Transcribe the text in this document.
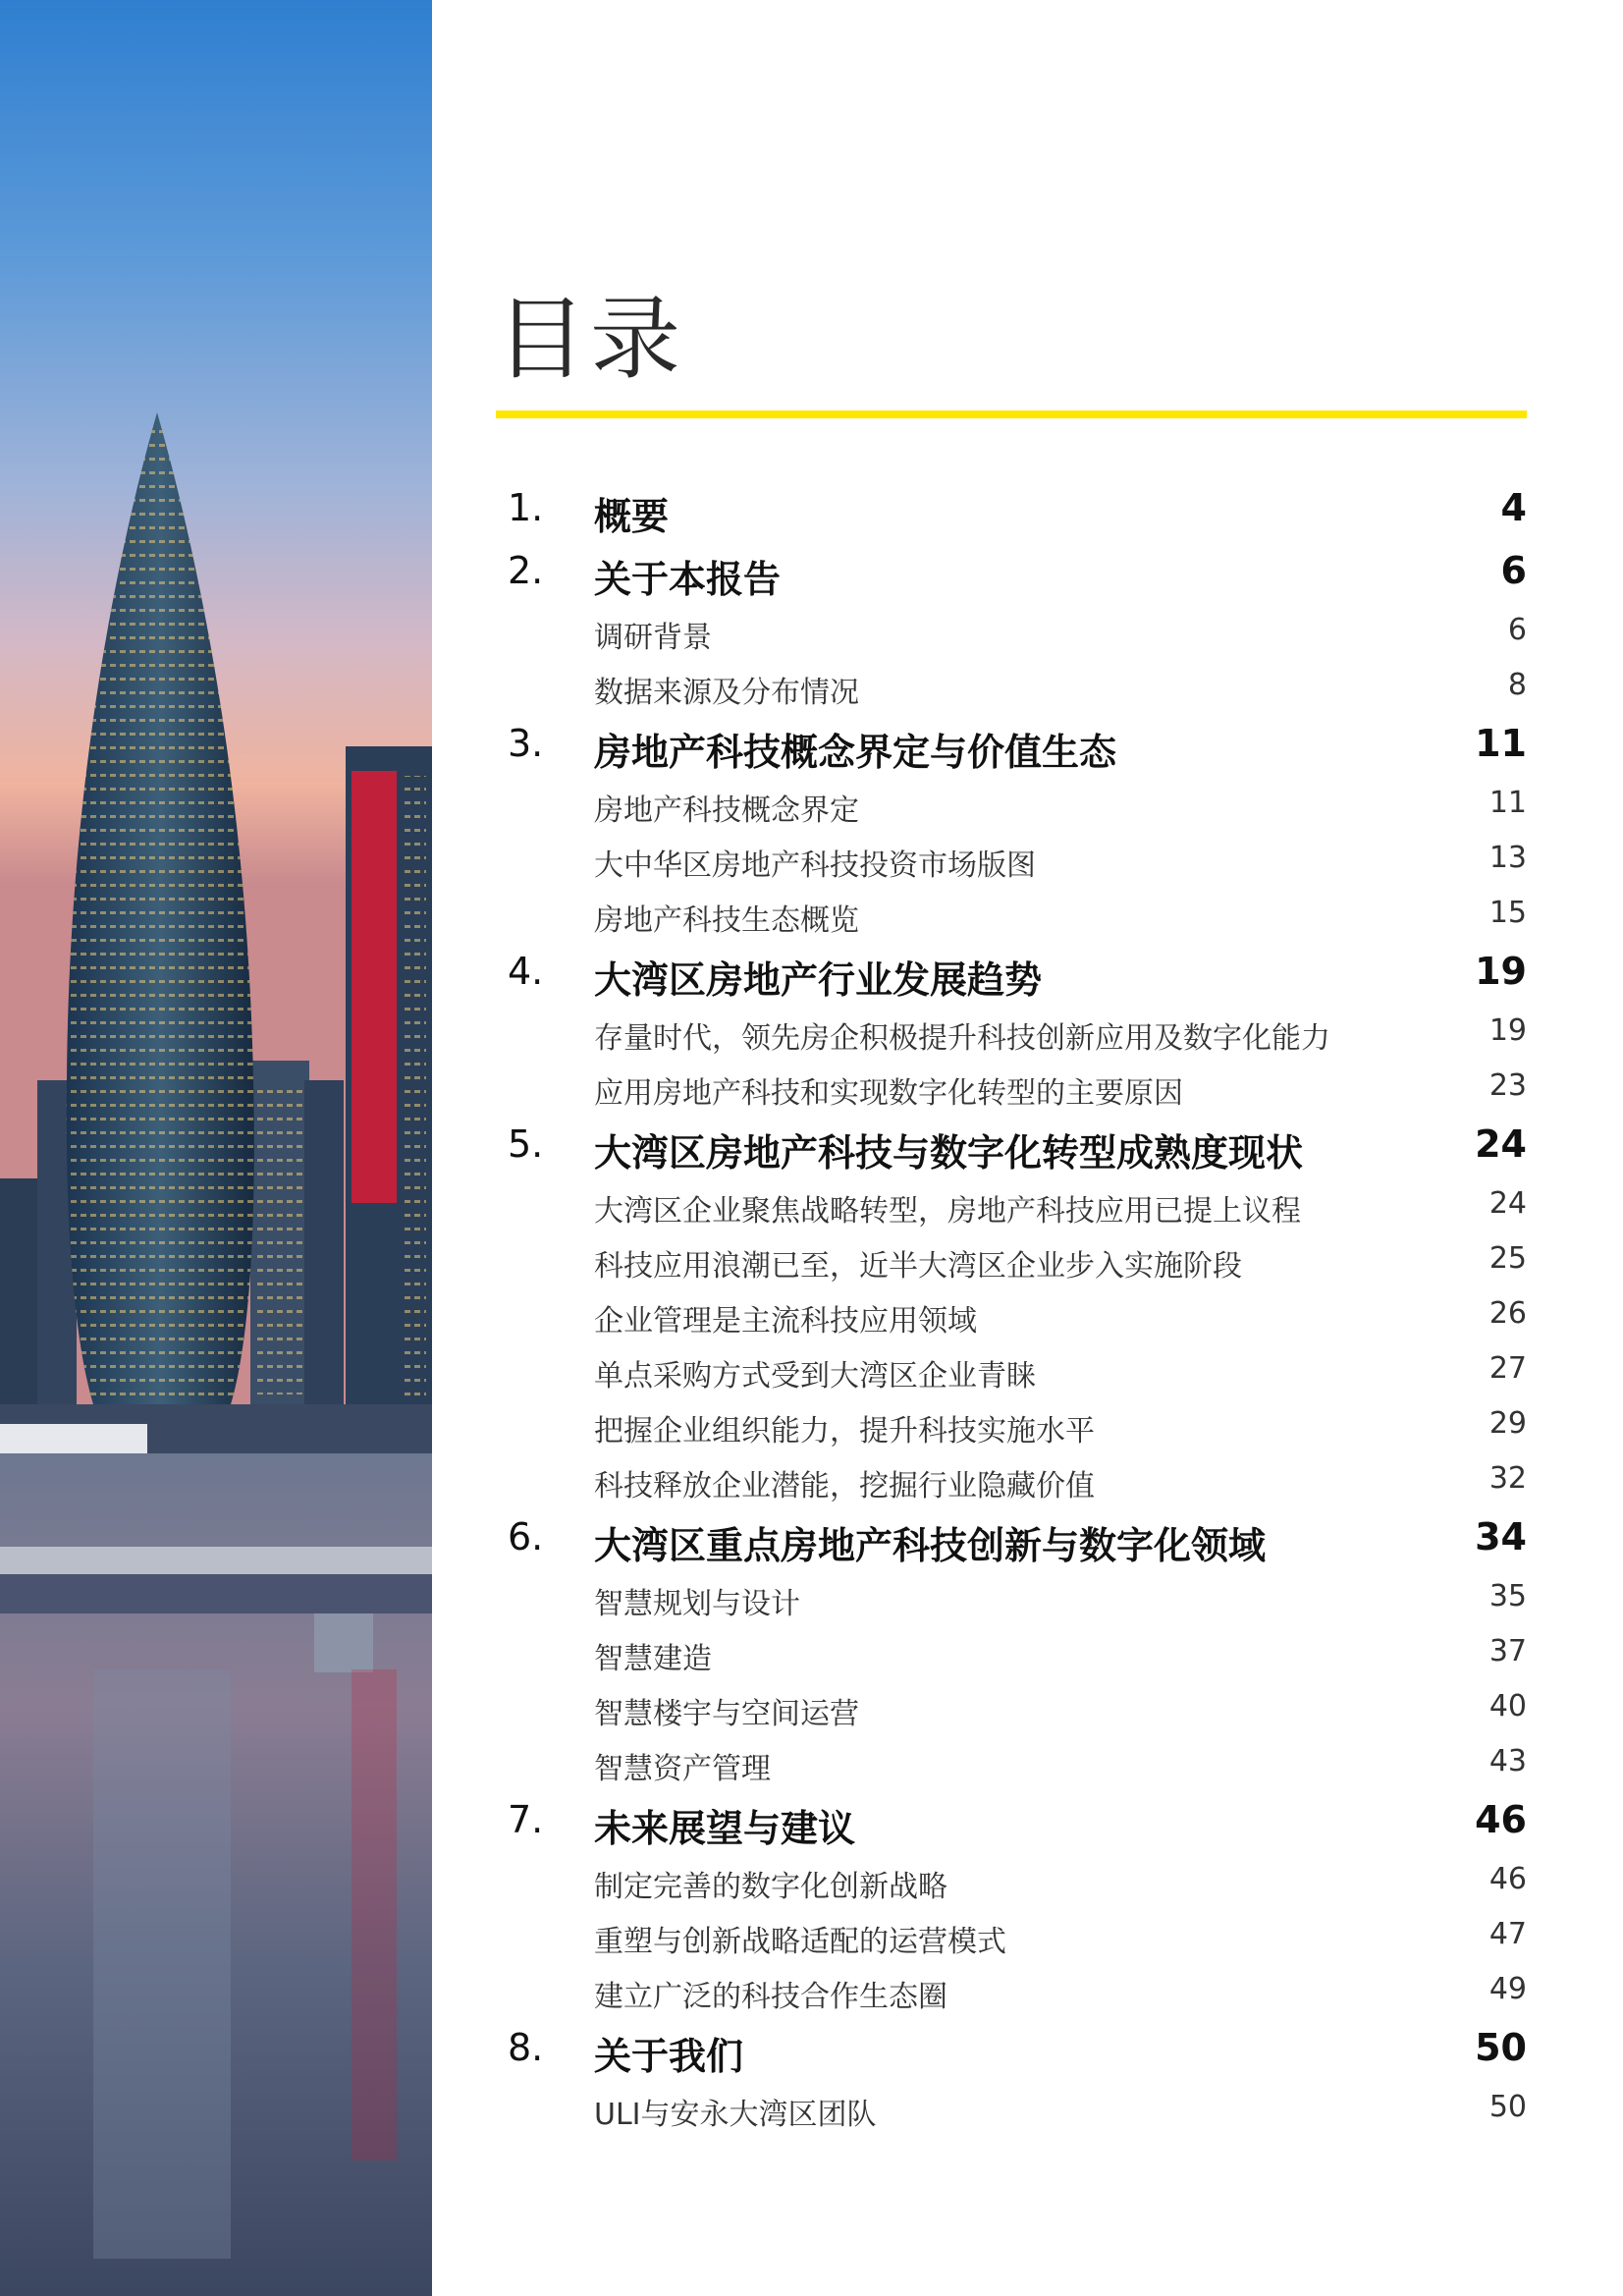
目录
1. 概要	4
2. 关于本报告	6
调研背景	6
数据来源及分布情况	8
3. 房地产科技概念界定与价值生态	11
房地产科技概念界定	11
大中华区房地产科技投资市场版图	13
房地产科技生态概览	15
4. 大湾区房地产行业发展趋势	19
存量时代，领先房企积极提升科技创新应用及数字化能力	19
应用房地产科技和实现数字化转型的主要原因	23
5. 大湾区房地产科技与数字化转型成熟度现状	24
大湾区企业聚焦战略转型，房地产科技应用已提上议程	24
科技应用浪潮已至，近半大湾区企业步入实施阶段	25
企业管理是主流科技应用领域	26
单点采购方式受到大湾区企业青睐	27
把握企业组织能力，提升科技实施水平	29
科技释放企业潜能，挖掘行业隐藏价值	32
6. 大湾区重点房地产科技创新与数字化领域	34
智慧规划与设计	35
智慧建造	37
智慧楼宇与空间运营	40
智慧资产管理	43
7. 未来展望与建议	46
制定完善的数字化创新战略	46
重塑与创新战略适配的运营模式	47
建立广泛的科技合作生态圈	49
8. 关于我们	50
ULI与安永大湾区团队	50
